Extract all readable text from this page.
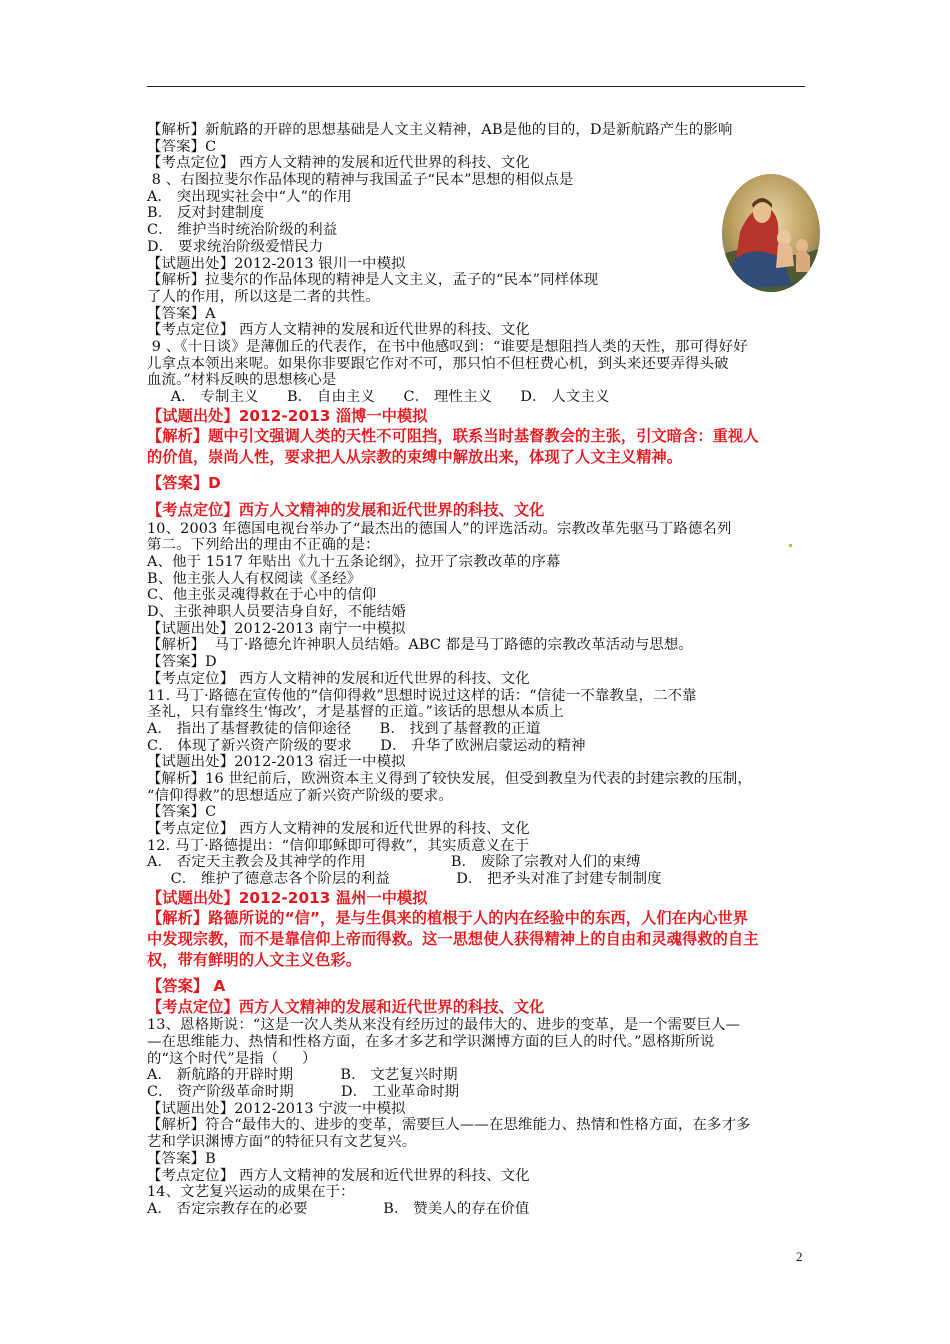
【解析】新航路的开辟的思想基础是人文主义精神，AB是他的目的，D是新航路产生的影响
【答案】C
【考点定位】 西方人文精神的发展和近代世界的科技、文化
8 、右图拉斐尔作品体现的精神与我国孟子“民本”思想的相似点是
A． 突出现实社会中“人”的作用
B． 反对封建制度
C． 维护当时统治阶级的利益
D． 要求统治阶级爱惜民力
【试题出处】2012-2013 银川一中模拟
【解析】拉斐尔的作品体现的精神是人文主义，孟子的“民本”同样体现
了人的作用，所以这是二者的共性。
【答案】A
【考点定位】 西方人文精神的发展和近代世界的科技、文化
9 、《十日谈》是薄伽丘的代表作，在书中他感叹到：“谁要是想阻挡人类的天性，那可得好好
儿拿点本领出来呢。如果你非要跟它作对不可，那只怕不但枉费心机，到头来还要弄得头破
血流。”材料反映的思想核心是
A． 专制主义      B． 自由主义      C． 理性主义      D． 人文主义
【试题出处】2012-2013 淄博一中模拟
【解析】题中引文强调人类的天性不可阻挡，联系当时基督教会的主张，引文暗含：重视人
的价值，崇尚人性，要求把人从宗教的束缚中解放出来，体现了人文主义精神。
【答案】D
【考点定位】西方人文精神的发展和近代世界的科技、文化
10、2003 年德国电视台举办了“最杰出的德国人”的评选活动。宗教改革先驱马丁路德名列
第二。下列给出的理由不正确的是：
A、他于 1517 年贴出《九十五条论纲》，拉开了宗教改革的序幕
B、他主张人人有权阅读《圣经》
C、他主张灵魂得救在于心中的信仰
D、主张神职人员要洁身自好，不能结婚
【试题出处】2012-2013 南宁一中模拟
【解析】  马丁·路德允许神职人员结婚。ABC 都是马丁路德的宗教改革活动与思想。
【答案】D
【考点定位】 西方人文精神的发展和近代世界的科技、文化
11. 马丁·路德在宣传他的“信仰得救”思想时说过这样的话：“信徒一不靠教皇，二不靠
圣礼，只有靠终生‘悔改’，才是基督的正道。”该话的思想从本质上
A． 指出了基督教徒的信仰途径      B． 找到了基督教的正道
C． 体现了新兴资产阶级的要求      D． 升华了欧洲启蒙运动的精神
【试题出处】2012-2013 宿迁一中模拟
【解析】16 世纪前后，欧洲资本主义得到了较快发展，但受到教皇为代表的封建宗教的压制，
“信仰得救”的思想适应了新兴资产阶级的要求。
【答案】C
【考点定位】 西方人文精神的发展和近代世界的科技、文化
12. 马丁·路德提出：“信仰耶稣即可得救”，其实质意义在于
A． 否定天主教会及其神学的作用                  B． 废除了宗教对人们的束缚
C． 维护了德意志各个阶层的利益              D． 把矛头对准了封建专制制度
【试题出处】2012-2013 温州一中模拟
【解析】路德所说的“信”，是与生俱来的植根于人的内在经验中的东西，人们在内心世界
中发现宗教，而不是靠信仰上帝而得救。这一思想使人获得精神上的自由和灵魂得救的自主
权，带有鲜明的人文主义色彩。
【答案】 A
【考点定位】西方人文精神的发展和近代世界的科技、文化
13、恩格斯说：“这是一次人类从来没有经历过的最伟大的、进步的变革，是一个需要巨人—
—在思维能力、热情和性格方面，在多才多艺和学识渊博方面的巨人的时代。”恩格斯所说
的“这个时代”是指（     ）
A． 新航路的开辟时期          B． 文艺复兴时期
C． 资产阶级革命时期          D． 工业革命时期
【试题出处】2012-2013 宁波一中模拟
【解析】符合“最伟大的、进步的变革，需要巨人——在思维能力、热情和性格方面，在多才多
艺和学识渊博方面”的特征只有文艺复兴。
【答案】B
【考点定位】 西方人文精神的发展和近代世界的科技、文化
14、文艺复兴运动的成果在于：
A． 否定宗教存在的必要                B． 赞美人的存在价值
2
